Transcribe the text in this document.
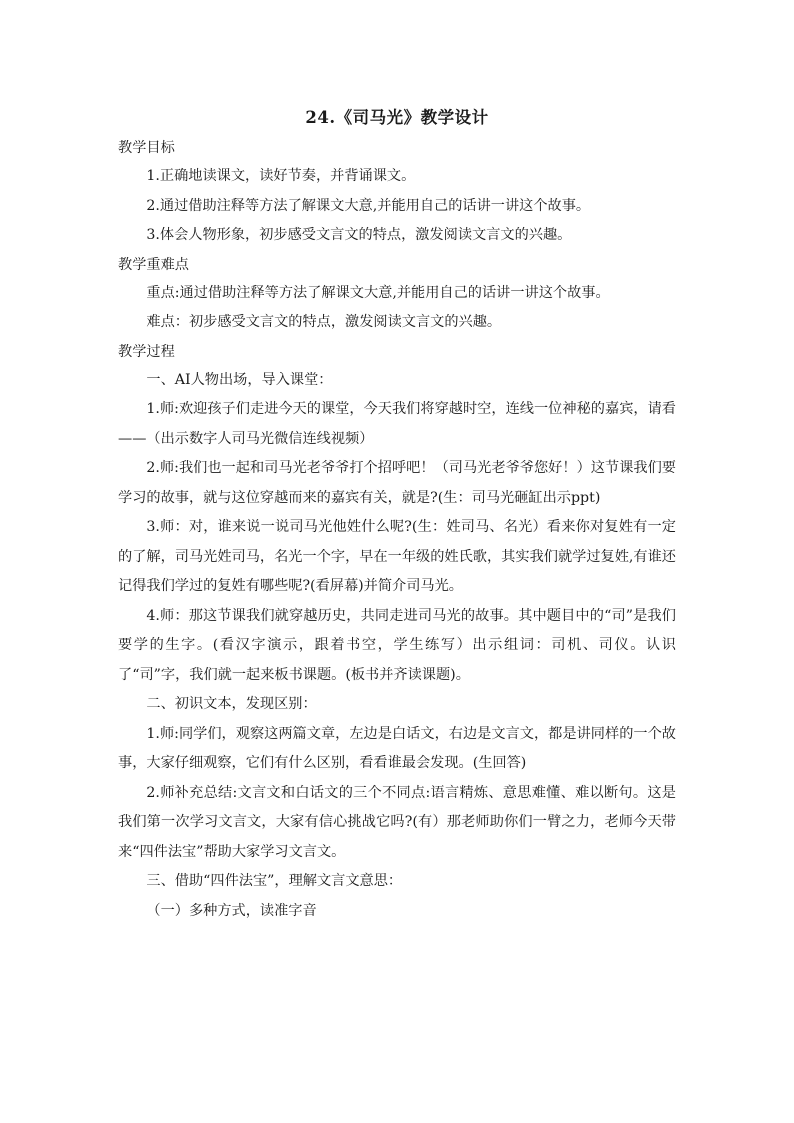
24.《司马光》教学设计

教学目标

1.正确地读课文，读好节奏，并背诵课文。

2.通过借助注释等方法了解课文大意,并能用自己的话讲一讲这个故事。

3.体会人物形象，初步感受文言文的特点，激发阅读文言文的兴趣。

教学重难点

重点:通过借助注释等方法了解课文大意,并能用自己的话讲一讲这个故事。

难点：初步感受文言文的特点，激发阅读文言文的兴趣。

教学过程

一、AI人物出场，导入课堂：

1.师:欢迎孩子们走进今天的课堂，今天我们将穿越时空，连线一位神秘的嘉宾，请看——（出示数字人司马光微信连线视频）

2.师:我们也一起和司马光老爷爷打个招呼吧！（司马光老爷爷您好！）这节课我们要学习的故事，就与这位穿越而来的嘉宾有关，就是?(生：司马光砸缸出示ppt)

3.师：对，谁来说一说司马光他姓什么呢?(生：姓司马、名光）看来你对复姓有一定的了解，司马光姓司马，名光一个字，早在一年级的姓氏歌，其实我们就学过复姓,有谁还记得我们学过的复姓有哪些呢?(看屏幕)并简介司马光。

4.师：那这节课我们就穿越历史，共同走进司马光的故事。其中题目中的“司”是我们要学的生字。(看汉字演示，跟着书空，学生练写）出示组词：司机、司仪。认识了“司”字，我们就一起来板书课题。(板书并齐读课题)。

二、初识文本，发现区别：

1.师:同学们，观察这两篇文章，左边是白话文，右边是文言文，都是讲同样的一个故事，大家仔细观察，它们有什么区别，看看谁最会发现。(生回答)

2.师补充总结:文言文和白话文的三个不同点:语言精炼、意思难懂、难以断句。这是我们第一次学习文言文，大家有信心挑战它吗?(有）那老师助你们一臂之力，老师今天带来“四件法宝”帮助大家学习文言文。

三、借助“四件法宝”，理解文言文意思：

（一）多种方式，读准字音
